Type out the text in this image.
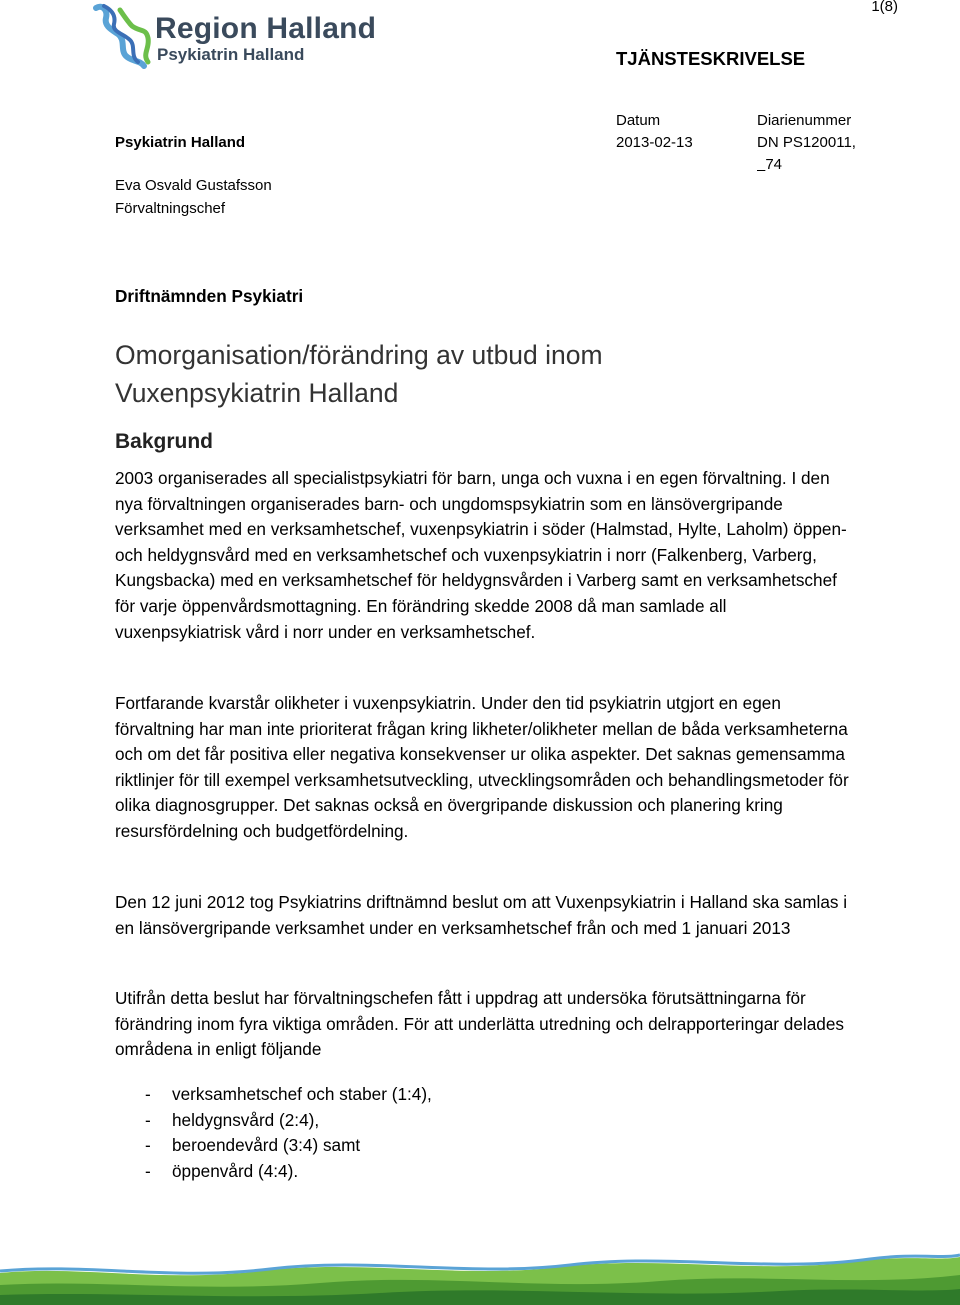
Region Halland
Psykiatrin Halland
1(8)
TJÄNSTESKRIVELSE
Psykiatrin Halland
Eva Osvald Gustafsson
Förvaltningschef
Datum
2013-02-13
Diarienummer
DN PS120011,
74
Driftnämnden Psykiatri
Omorganisation/förändring av utbud inom
Vuxenpsykiatrin Halland
Bakgrund
2003 organiserades all specialistpsykiatri för barn, unga och vuxna i en egen förvaltning. I den nya förvaltningen organiserades barn- och ungdomspsykiatrin som en länsövergripande verksamhet med en verksamhetschef, vuxenpsykiatrin i söder (Halmstad, Hylte, Laholm) öppen- och heldygnsvård med en verksamhetschef och vuxenpsykiatrin i norr (Falkenberg, Varberg, Kungsbacka) med en verksamhetschef för heldygnsvården i Varberg samt en verksamhetschef för varje öppenvårdsmottagning. En förändring skedde 2008 då man samlade all vuxenpsykiatrisk vård i norr under en verksamhetschef.
Fortfarande kvarstår olikheter i vuxenpsykiatrin. Under den tid psykiatrin utgjort en egen förvaltning har man inte prioriterat frågan kring likheter/olikheter mellan de båda verksamheterna och om det får positiva eller negativa konsekvenser ur olika aspekter. Det saknas gemensamma riktlinjer för till exempel verksamhetsutveckling, utvecklingsområden och behandlingsmetoder för olika diagnosgrupper. Det saknas också en övergripande diskussion och planering kring resursfördelning och budgetfördelning.
Den 12 juni 2012 tog Psykiatrins driftnämnd beslut om att Vuxenpsykiatrin i Halland ska samlas i en länsövergripande verksamhet under en verksamhetschef från och med 1 januari 2013
Utifrån detta beslut har förvaltningschefen fått i uppdrag att undersöka förutsättningarna för förändring inom fyra viktiga områden. För att underlätta utredning och delrapporteringar delades områdena in enligt följande
-	verksamhetschef och staber (1:4),
-	heldygnsvård (2:4),
-	beroendevård (3:4) samt
-	öppenvård (4:4).
